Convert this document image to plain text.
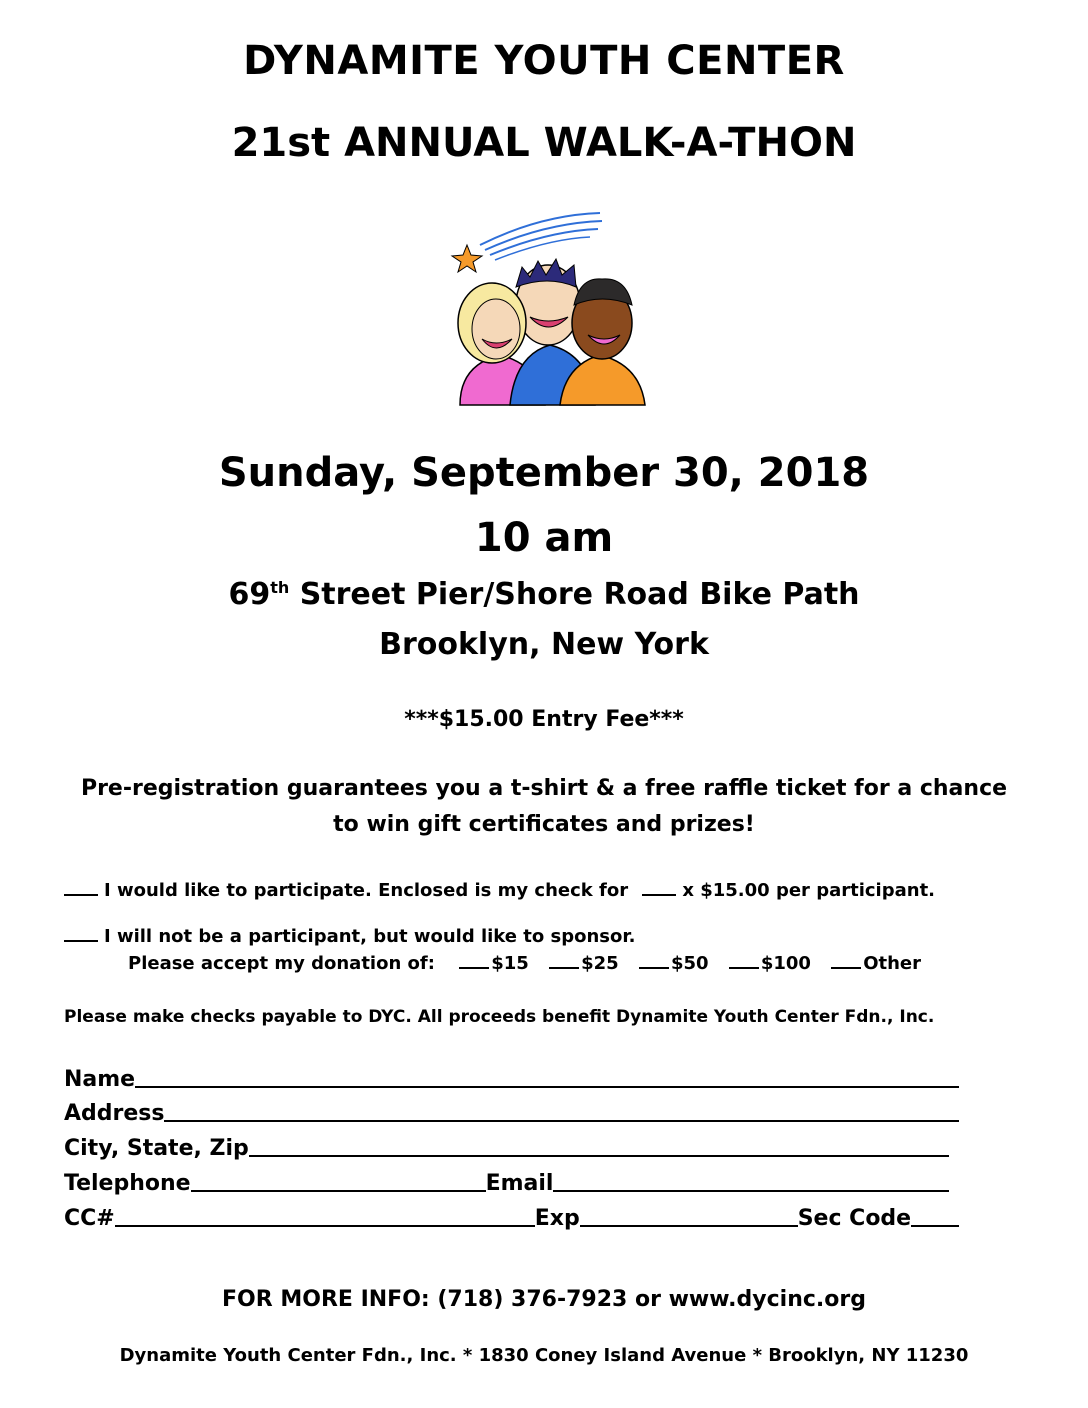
DYNAMITE YOUTH CENTER
21st ANNUAL WALK-A-THON
Sunday, September 30, 2018
10 am
69th Street Pier/Shore Road Bike Path
Brooklyn, New York
***$15.00 Entry Fee***
Pre-registration guarantees you a t-shirt & a free raffle ticket for a chance
to win gift certificates and prizes!
I would like to participate. Enclosed is my check for	x $15.00 per participant.
I will not be a participant, but would like to sponsor.
Please accept my donation of:	$15	$25	$50	$100	Other
Please make checks payable to DYC. All proceeds benefit Dynamite Youth Center Fdn., Inc.
Name
Address
City, State, Zip
Telephone	Email
CC#	Exp	Sec Code
FOR MORE INFO: (718) 376-7923 or www.dycinc.org
Dynamite Youth Center Fdn., Inc. * 1830 Coney Island Avenue * Brooklyn, NY 11230
